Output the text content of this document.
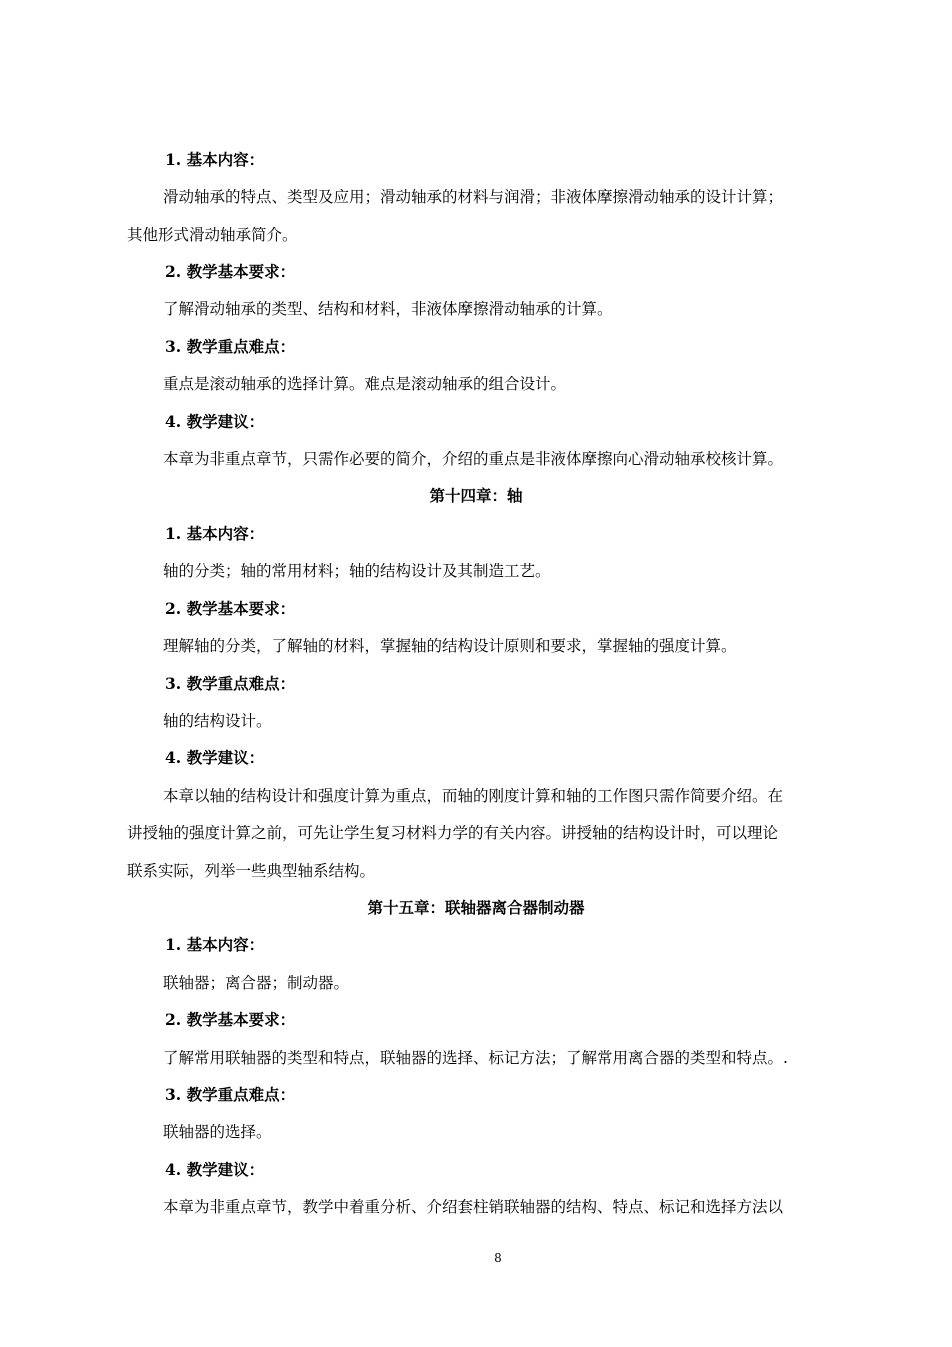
1. 基本内容：
滑动轴承的特点、类型及应用；滑动轴承的材料与润滑；非液体摩擦滑动轴承的设计计算；
其他形式滑动轴承简介。
2. 教学基本要求：
了解滑动轴承的类型、结构和材料，非液体摩擦滑动轴承的计算。
3. 教学重点难点：
重点是滚动轴承的选择计算。难点是滚动轴承的组合设计。
4. 教学建议：
本章为非重点章节，只需作必要的简介，介绍的重点是非液体摩擦向心滑动轴承校核计算。
第十四章：轴
1. 基本内容：
轴的分类；轴的常用材料；轴的结构设计及其制造工艺。
2. 教学基本要求：
理解轴的分类，了解轴的材料，掌握轴的结构设计原则和要求，掌握轴的强度计算。
3. 教学重点难点：
轴的结构设计。
4. 教学建议：
本章以轴的结构设计和强度计算为重点，而轴的刚度计算和轴的工作图只需作简要介绍。在
讲授轴的强度计算之前，可先让学生复习材料力学的有关内容。讲授轴的结构设计时，可以理论
联系实际，列举一些典型轴系结构。
第十五章：联轴器离合器制动器
1. 基本内容：
联轴器；离合器；制动器。
2. 教学基本要求：
了解常用联轴器的类型和特点，联轴器的选择、标记方法；了解常用离合器的类型和特点。.
3. 教学重点难点：
联轴器的选择。
4. 教学建议：
本章为非重点章节，教学中着重分析、介绍套柱销联轴器的结构、特点、标记和选择方法以
8
